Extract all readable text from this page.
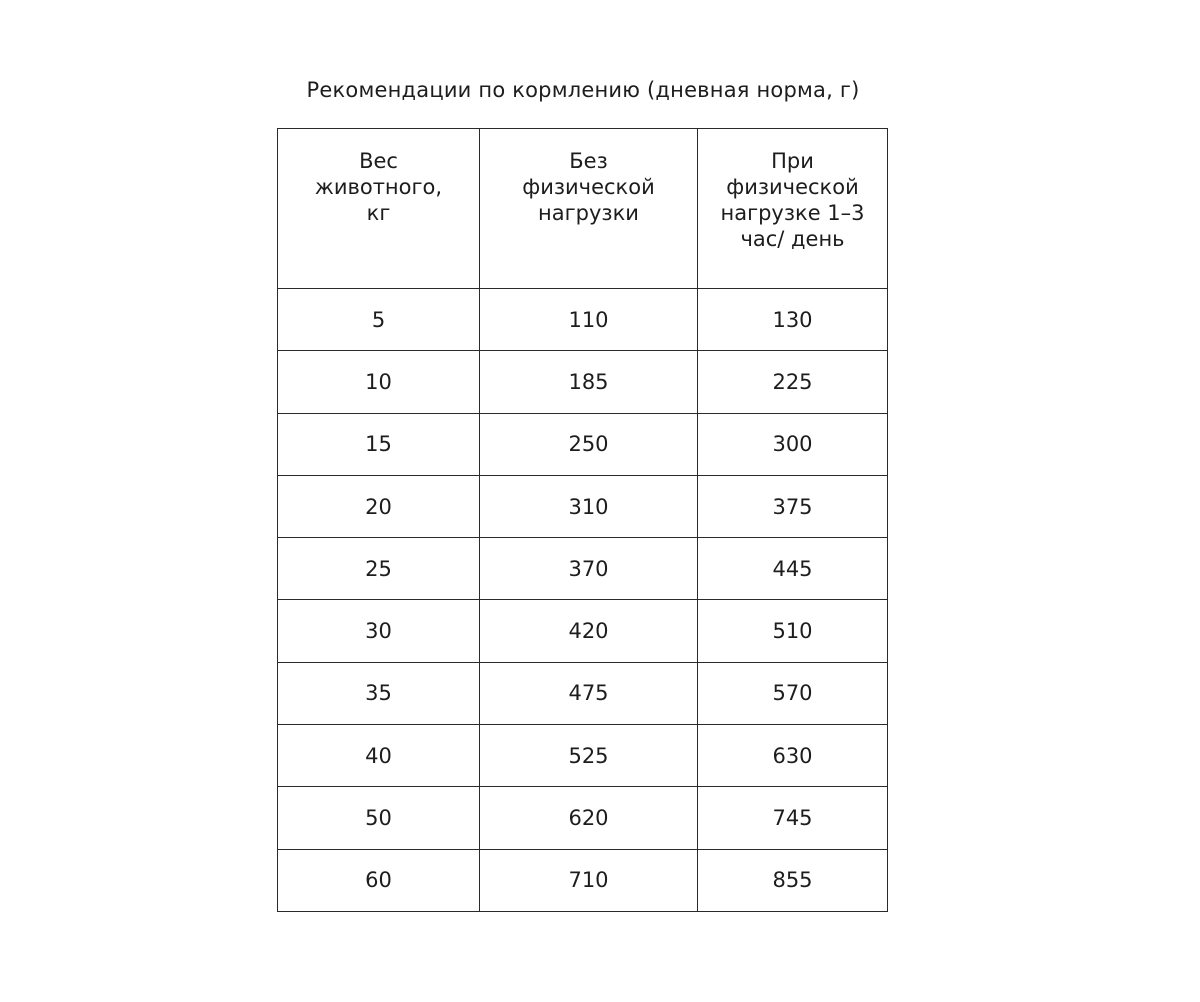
Рекомендации по кормлению (дневная норма, г)
Вес животного, кг	Без физической нагрузки	При физической нагрузке 1–3 час/ день
5	110	130
10	185	225
15	250	300
20	310	375
25	370	445
30	420	510
35	475	570
40	525	630
50	620	745
60	710	855
